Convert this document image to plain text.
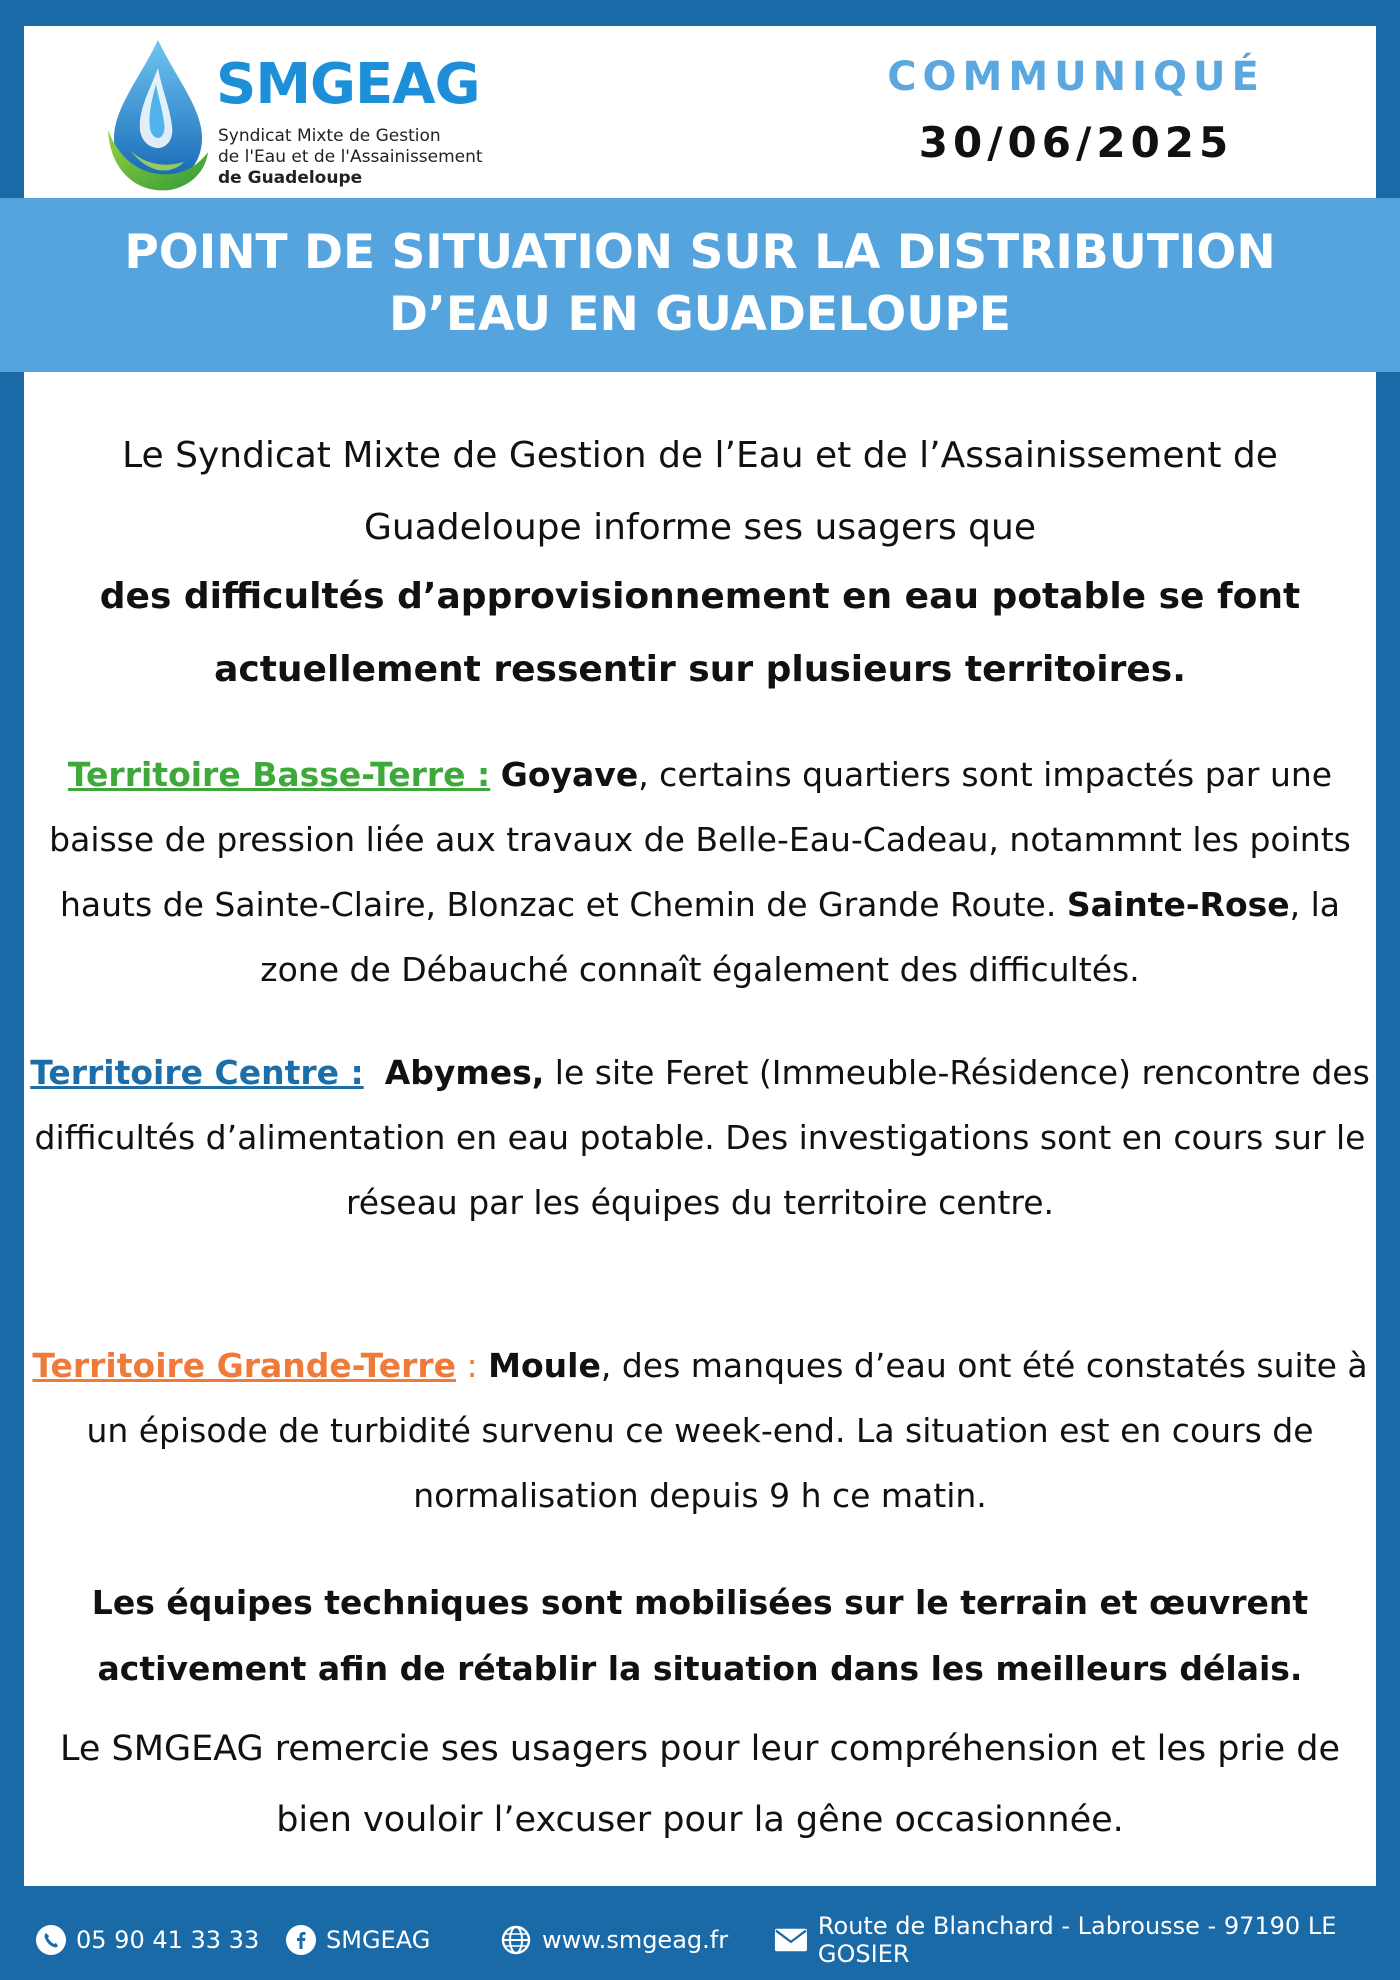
SMGEAG

Syndicat Mixte de Gestion
de l'Eau et de l'Assainissement
de Guadeloupe
COMMUNIQUÉ
30/06/2025
POINT DE SITUATION SUR LA DISTRIBUTION
D’EAU EN GUADELOUPE

Le Syndicat Mixte de Gestion de l’Eau et de l’Assainissement de Guadeloupe informe ses usagers que

des difficultés d’approvisionnement en eau potable se font actuellement ressentir sur plusieurs territoires.

Territoire Basse-Terre : Goyave, certains quartiers sont impactés par une baisse de pression liée aux travaux de Belle-Eau-Cadeau, notammnt les points hauts de Sainte-Claire, Blonzac et Chemin de Grande Route. Sainte-Rose, la zone de Débauché connaît également des difficultés.

Territoire Centre : Abymes, le site Feret (Immeuble-Résidence) rencontre des difficultés d’alimentation en eau potable. Des investigations sont en cours sur le réseau par les équipes du territoire centre.

Territoire Grande-Terre : Moule, des manques d’eau ont été constatés suite à un épisode de turbidité survenu ce week-end. La situation est en cours de normalisation depuis 9 h ce matin.

Les équipes techniques sont mobilisées sur le terrain et œuvrent activement afin de rétablir la situation dans les meilleurs délais.

Le SMGEAG remercie ses usagers pour leur compréhension et les prie de bien vouloir l’excuser pour la gêne occasionnée.

05 90 41 33 33	SMGEAG	www.smgeag.fr	Route de Blanchard - Labrousse - 97190 LE GOSIER
